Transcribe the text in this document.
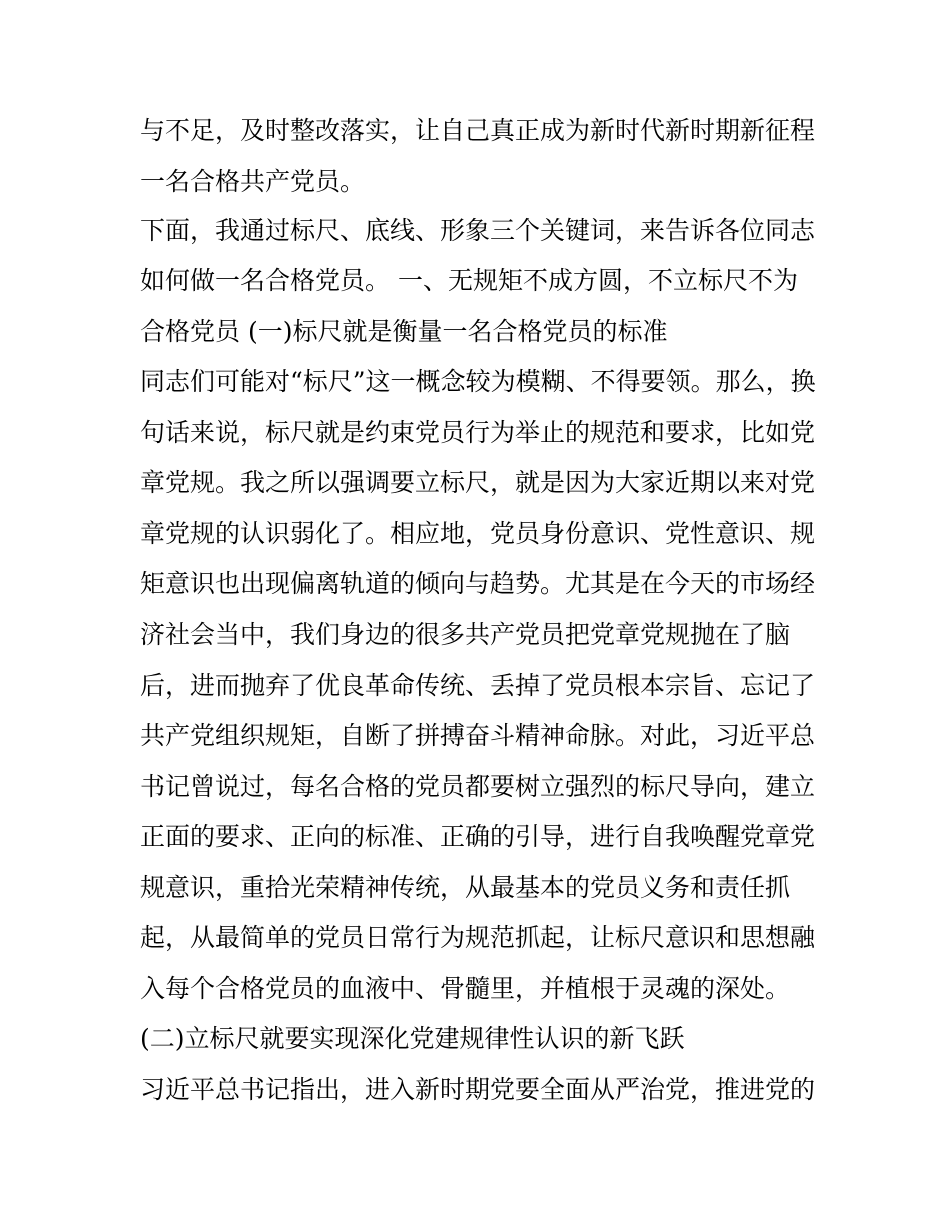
与不足，及时整改落实，让自己真正成为新时代新时期新征程
一名合格共产党员。
下面，我通过标尺、底线、形象三个关键词，来告诉各位同志
如何做一名合格党员。 一、无规矩不成方圆，不立标尺不为
合格党员 (一)标尺就是衡量一名合格党员的标准
同志们可能对“标尺”这一概念较为模糊、不得要领。那么，换
句话来说，标尺就是约束党员行为举止的规范和要求，比如党
章党规。我之所以强调要立标尺，就是因为大家近期以来对党
章党规的认识弱化了。相应地，党员身份意识、党性意识、规
矩意识也出现偏离轨道的倾向与趋势。尤其是在今天的市场经
济社会当中，我们身边的很多共产党员把党章党规抛在了脑
后，进而抛弃了优良革命传统、丢掉了党员根本宗旨、忘记了
共产党组织规矩，自断了拼搏奋斗精神命脉。对此，习近平总
书记曾说过，每名合格的党员都要树立强烈的标尺导向，建立
正面的要求、正向的标准、正确的引导，进行自我唤醒党章党
规意识，重拾光荣精神传统，从最基本的党员义务和责任抓
起，从最简单的党员日常行为规范抓起，让标尺意识和思想融
入每个合格党员的血液中、骨髓里，并植根于灵魂的深处。
(二)立标尺就要实现深化党建规律性认识的新飞跃
习近平总书记指出，进入新时期党要全面从严治党，推进党的
